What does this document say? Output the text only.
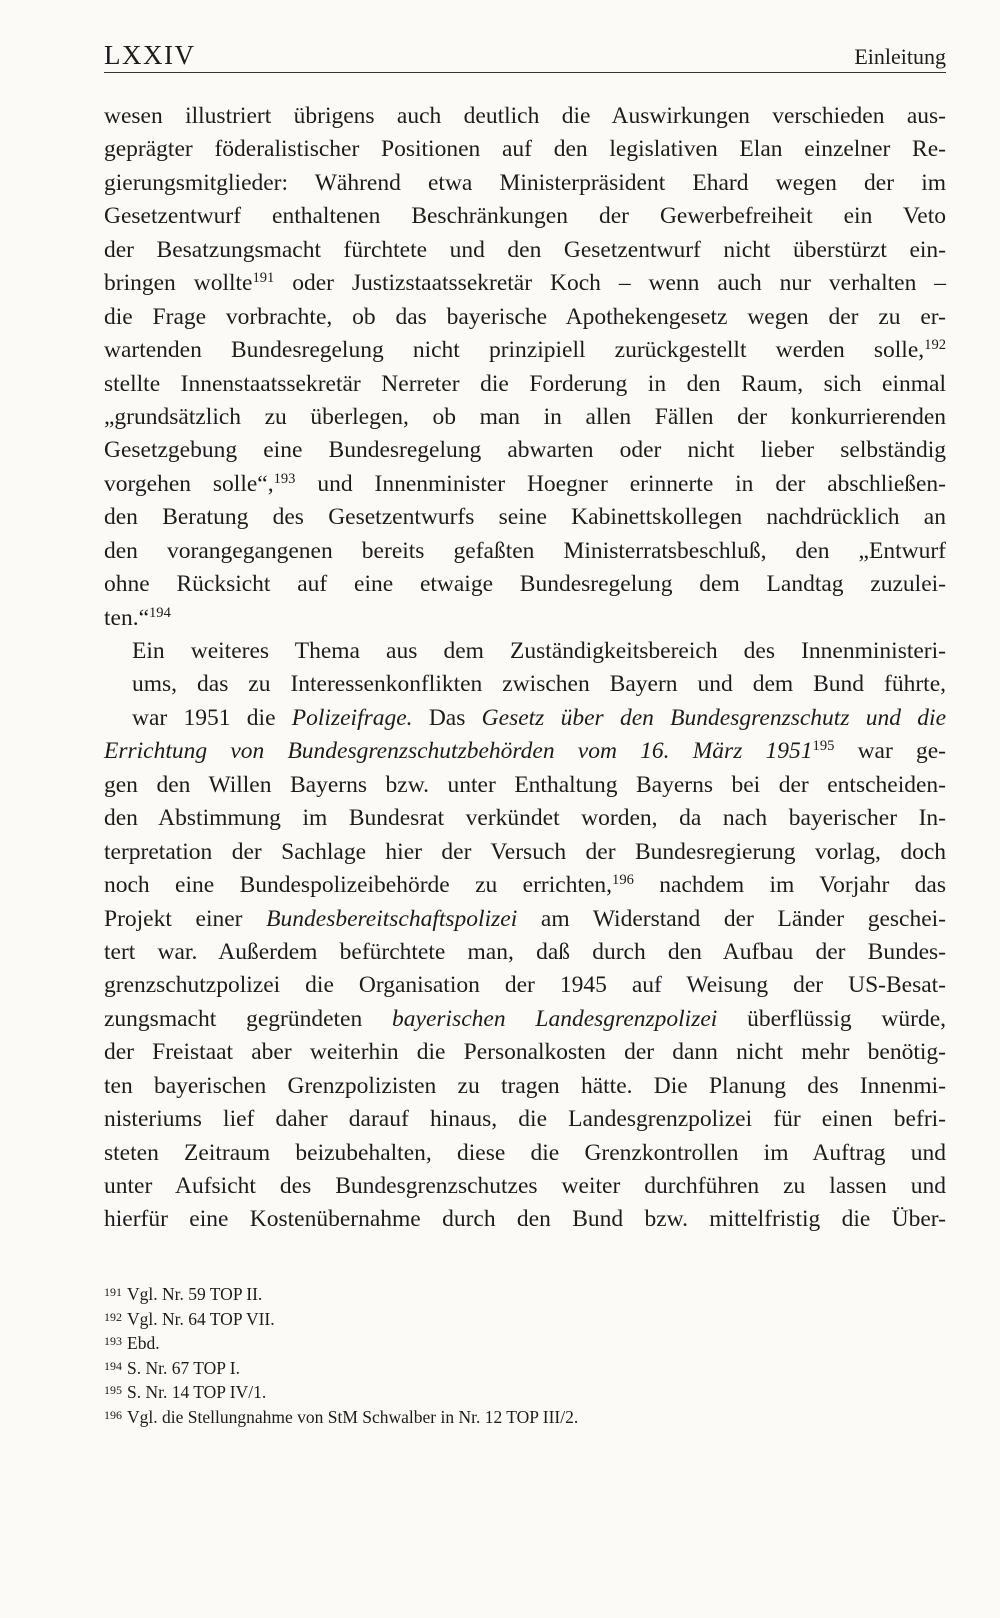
LXXIV	Einleitung
wesen illustriert übrigens auch deutlich die Auswirkungen verschieden aus-
geprägter föderalistischer Positionen auf den legislativen Elan einzelner Re-
gierungsmitglieder: Während etwa Ministerpräsident Ehard wegen der im
Gesetzentwurf enthaltenen Beschränkungen der Gewerbefreiheit ein Veto
der Besatzungsmacht fürchtete und den Gesetzentwurf nicht überstürzt ein-
bringen wollte$^{191}$ oder Justizstaatssekretär Koch – wenn auch nur verhalten –
die Frage vorbrachte, ob das bayerische Apothekengesetz wegen der zu er-
wartenden Bundesregelung nicht prinzipiell zurückgestellt werden solle,$^{192}$
stellte Innenstaatssekretär Nerreter die Forderung in den Raum, sich einmal
„grundsätzlich zu überlegen, ob man in allen Fällen der konkurrierenden
Gesetzgebung eine Bundesregelung abwarten oder nicht lieber selbständig
vorgehen solle“,$^{193}$ und Innenminister Hoegner erinnerte in der abschließen-
den Beratung des Gesetzentwurfs seine Kabinettskollegen nachdrücklich an
den vorangegangenen bereits gefaßten Ministerratsbeschluß, den „Entwurf
ohne Rücksicht auf eine etwaige Bundesregelung dem Landtag zuzulei-
ten.“$^{194}$
Ein weiteres Thema aus dem Zuständigkeitsbereich des Innenministeri-
ums, das zu Interessenkonflikten zwischen Bayern und dem Bund führte,
war 1951 die Polizeifrage. Das Gesetz über den Bundesgrenzschutz und die
Errichtung von Bundesgrenzschutzbehörden vom 16. März 1951$^{195}$ war ge-
gen den Willen Bayerns bzw. unter Enthaltung Bayerns bei der entscheiden-
den Abstimmung im Bundesrat verkündet worden, da nach bayerischer In-
terpretation der Sachlage hier der Versuch der Bundesregierung vorlag, doch
noch eine Bundespolizeibehörde zu errichten,$^{196}$ nachdem im Vorjahr das
Projekt einer Bundesbereitschaftspolizei am Widerstand der Länder geschei-
tert war. Außerdem befürchtete man, daß durch den Aufbau der Bundes-
grenzschutzpolizei die Organisation der 1945 auf Weisung der US-Besat-
zungsmacht gegründeten bayerischen Landesgrenzpolizei überflüssig würde,
der Freistaat aber weiterhin die Personalkosten der dann nicht mehr benötig-
ten bayerischen Grenzpolizisten zu tragen hätte. Die Planung des Innenmi-
nisteriums lief daher darauf hinaus, die Landesgrenzpolizei für einen befri-
steten Zeitraum beizubehalten, diese die Grenzkontrollen im Auftrag und
unter Aufsicht des Bundesgrenzschutzes weiter durchführen zu lassen und
hierfür eine Kostenübernahme durch den Bund bzw. mittelfristig die Über-
$^{191}$ Vgl. Nr. 59 TOP II.
$^{192}$ Vgl. Nr. 64 TOP VII.
$^{193}$ Ebd.
$^{194}$ S. Nr. 67 TOP I.
$^{195}$ S. Nr. 14 TOP IV/1.
$^{196}$ Vgl. die Stellungnahme von StM Schwalber in Nr. 12 TOP III/2.
